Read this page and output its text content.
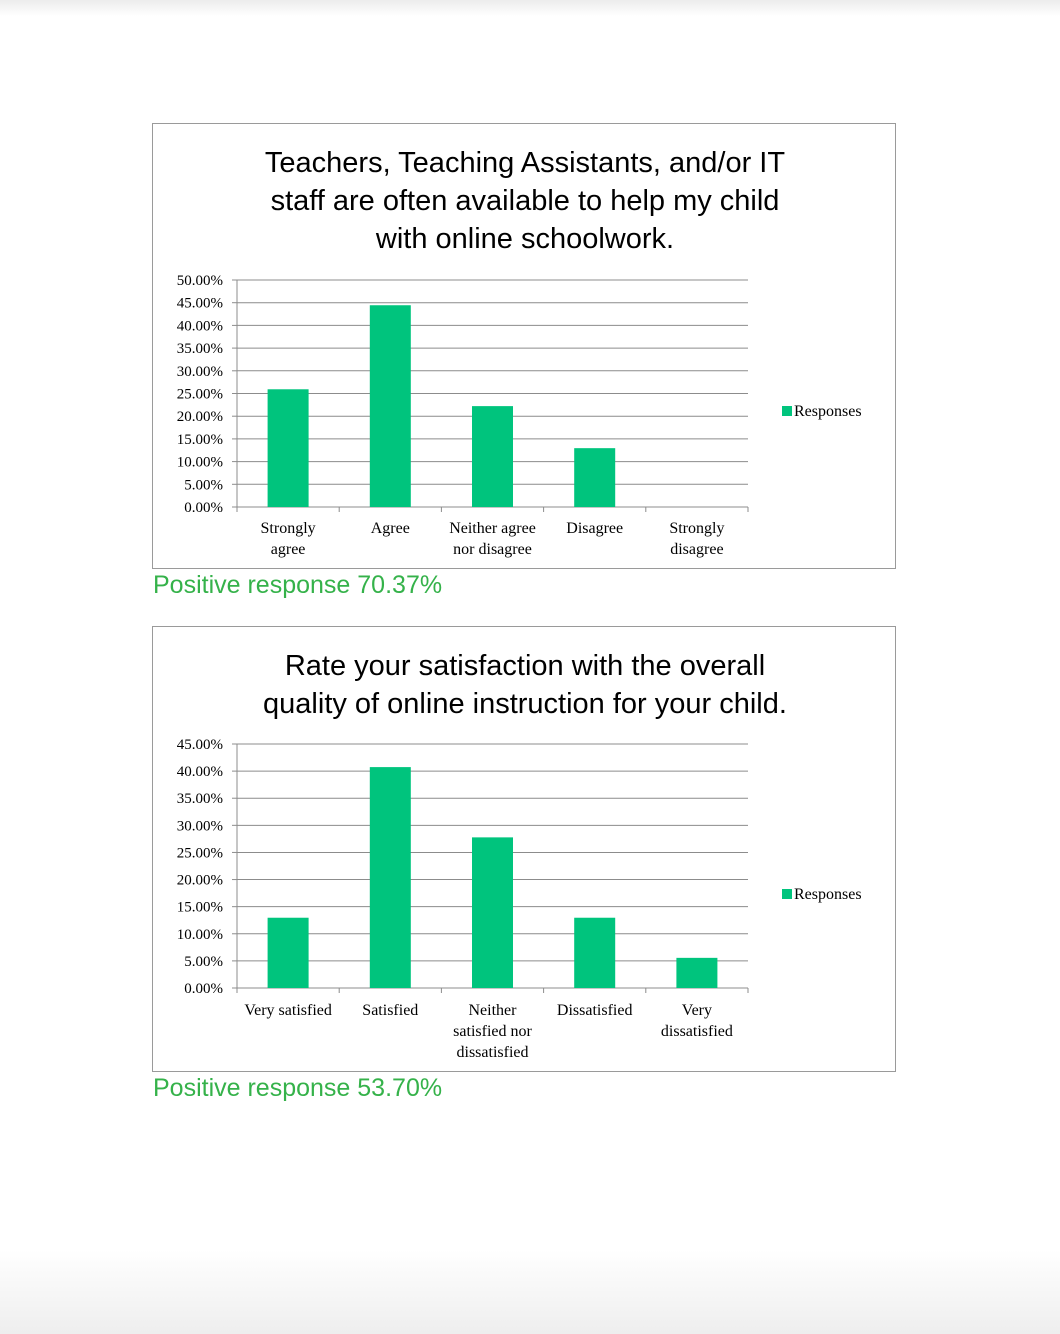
Teachers, Teaching Assistants, and/or IT
staff are often available to help my child
with online schoolwork.
0.00%
5.00%
10.00%
15.00%
20.00%
25.00%
30.00%
35.00%
40.00%
45.00%
50.00%
Strongly
agree
Agree Neither agree
nor disagree
Disagree	Strongly
disagree
Responses
Positive response 70.37%
Rate your satisfaction with the overall
quality of online instruction for your child.
0.00%
5.00%
10.00%
15.00%
20.00%
25.00%
30.00%
35.00%
40.00%
45.00%
Very satisfied Satisfied	Neither
satisfied nor
dissatisfied
Dissatisfied	Very
dissatisfied
Responses
Positive response 53.70%
